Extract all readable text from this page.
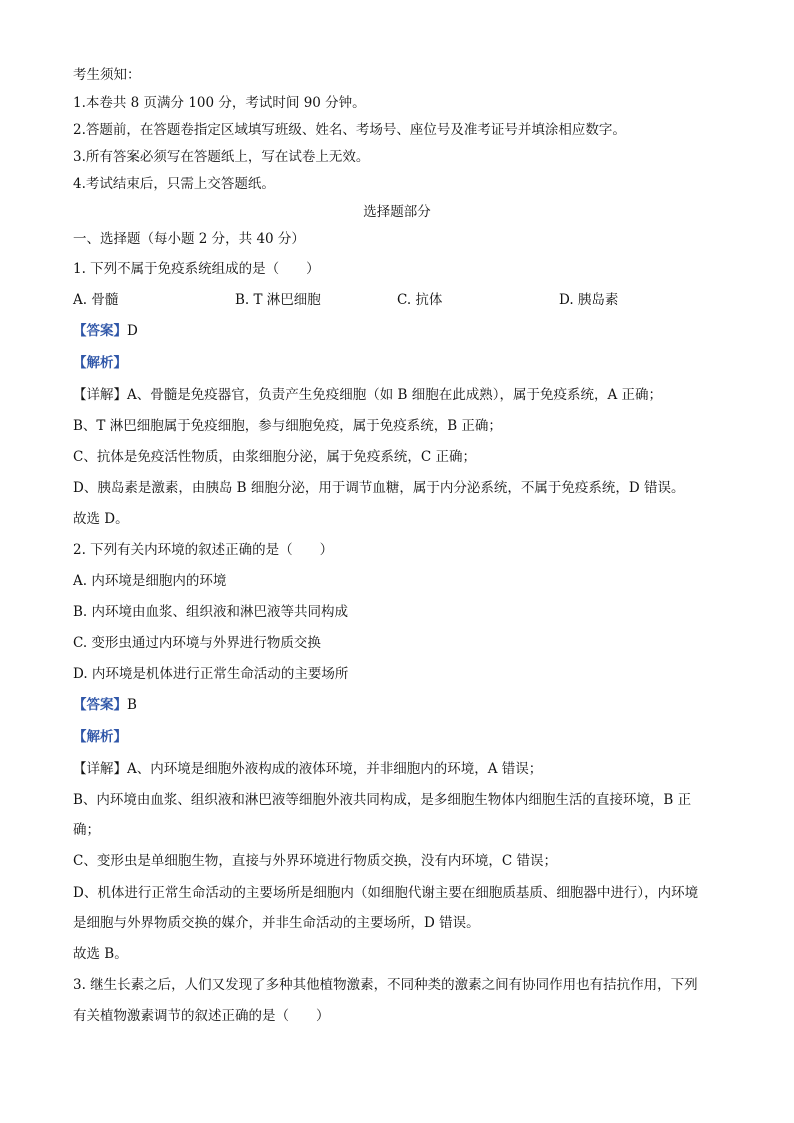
考生须知：
1.本卷共 8 页满分 100 分，考试时间 90 分钟。
2.答题前，在答题卷指定区域填写班级、姓名、考场号、座位号及准考证号并填涂相应数字。
3.所有答案必须写在答题纸上，写在试卷上无效。
4.考试结束后，只需上交答题纸。
选择题部分
一、选择题（每小题 2 分，共 40 分）
1. 下列不属于免疫系统组成的是（　　）
A. 骨髓	B. T 淋巴细胞	C. 抗体	D. 胰岛素
【答案】D
【解析】
【详解】A、骨髓是免疫器官，负责产生免疫细胞（如 B 细胞在此成熟），属于免疫系统，A 正确；
B、T 淋巴细胞属于免疫细胞，参与细胞免疫，属于免疫系统，B 正确；
C、抗体是免疫活性物质，由浆细胞分泌，属于免疫系统，C 正确；
D、胰岛素是激素，由胰岛 B 细胞分泌，用于调节血糖，属于内分泌系统，不属于免疫系统，D 错误。
故选 D。
2. 下列有关内环境的叙述正确的是（　　）
A. 内环境是细胞内的环境
B. 内环境由血浆、组织液和淋巴液等共同构成
C. 变形虫通过内环境与外界进行物质交换
D. 内环境是机体进行正常生命活动的主要场所
【答案】B
【解析】
【详解】A、内环境是细胞外液构成的液体环境，并非细胞内的环境，A 错误；
B、内环境由血浆、组织液和淋巴液等细胞外液共同构成，是多细胞生物体内细胞生活的直接环境，B 正
确；
C、变形虫是单细胞生物，直接与外界环境进行物质交换，没有内环境，C 错误；
D、机体进行正常生命活动的主要场所是细胞内（如细胞代谢主要在细胞质基质、细胞器中进行），内环境
是细胞与外界物质交换的媒介，并非生命活动的主要场所，D 错误。
故选 B。
3. 继生长素之后，人们又发现了多种其他植物激素，不同种类的激素之间有协同作用也有拮抗作用，下列
有关植物激素调节的叙述正确的是（　　）
